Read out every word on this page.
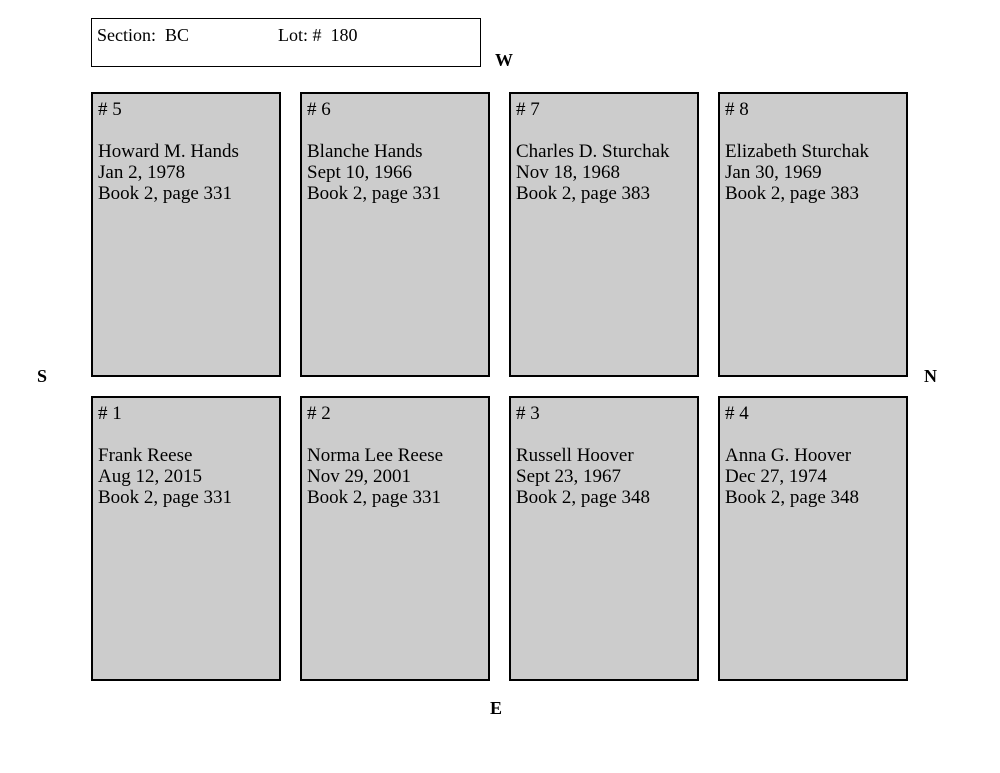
Section:  BC	Lot: #  180
W
S	N
E
# 5
Howard M. Hands
Jan 2, 1978
Book 2, page 331
# 6
Blanche Hands
Sept 10, 1966
Book 2, page 331
# 7
Charles D. Sturchak
Nov 18, 1968
Book 2, page 383
# 8
Elizabeth Sturchak
Jan 30, 1969
Book 2, page 383
# 1
Frank Reese
Aug 12, 2015
Book 2, page 331
# 2
Norma Lee Reese
Nov 29, 2001
Book 2, page 331
# 3
Russell Hoover
Sept 23, 1967
Book 2, page 348
# 4
Anna G. Hoover
Dec 27, 1974
Book 2, page 348
